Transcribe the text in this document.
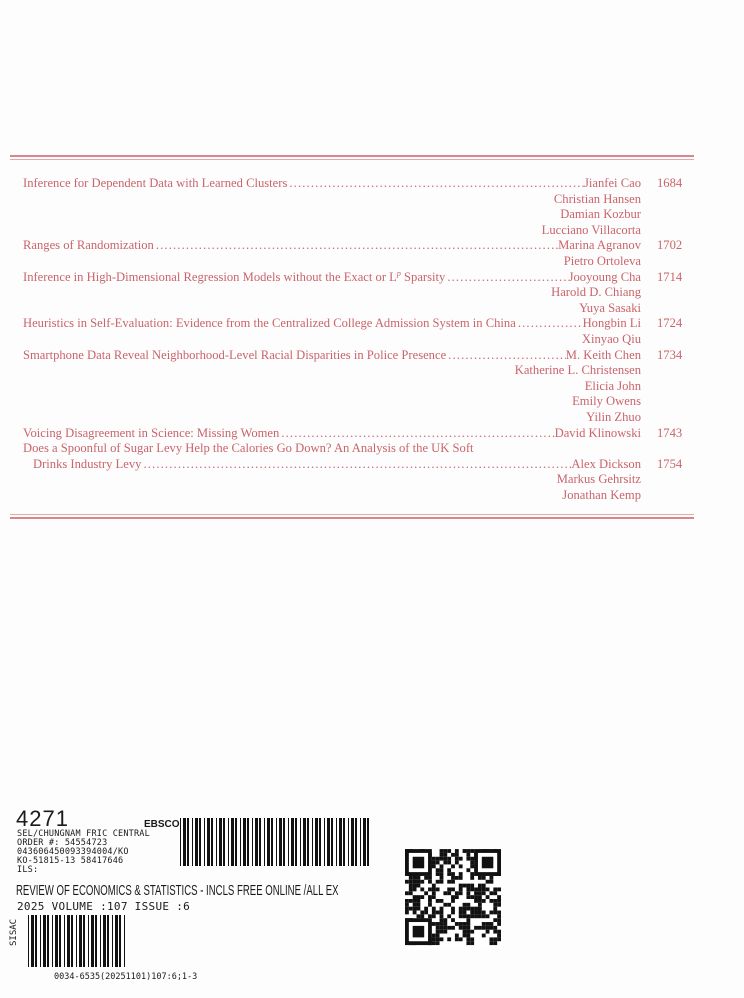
Inference for Dependent Data with Learned Clusters . . .	Jianfei Cao 1684
Christian Hansen
Damian Kozbur
Lucciano Villacorta
Ranges of Randomization . . .	Marina Agranov 1702
Pietro Ortoleva
Inference in High-Dimensional Regression Models without the Exact or $L^p$ Sparsity . . .	Jooyoung Cha 1714
Harold D. Chiang
Yuya Sasaki
Heuristics in Self-Evaluation: Evidence from the Centralized College Admission System in China . . .	Hongbin Li 1724
Xinyao Qiu
Smartphone Data Reveal Neighborhood-Level Racial Disparities in Police Presence . . .	M. Keith Chen 1734
Katherine L. Christensen
Elicia John
Emily Owens
Yilin Zhuo
Voicing Disagreement in Science: Missing Women . . .	David Klinowski 1743
Does a Spoonful of Sugar Levy Help the Calories Go Down? An Analysis of the UK Soft
Drinks Industry Levy . . .	Alex Dickson 1754
Markus Gehrsitz
Jonathan Kemp
4271	EBSCO
SEL/CHUNGNAM FRIC CENTRAL
ORDER #: 54554723
043606450093394004/KO
KO-51815-13 58417646
ILS:
REVIEW OF ECONOMICS & STATISTICS - INCLS FREE ONLINE /ALL EX
2025 VOLUME :107 ISSUE :6
SISAC
0034-6535(20251101)107:6;1-3
